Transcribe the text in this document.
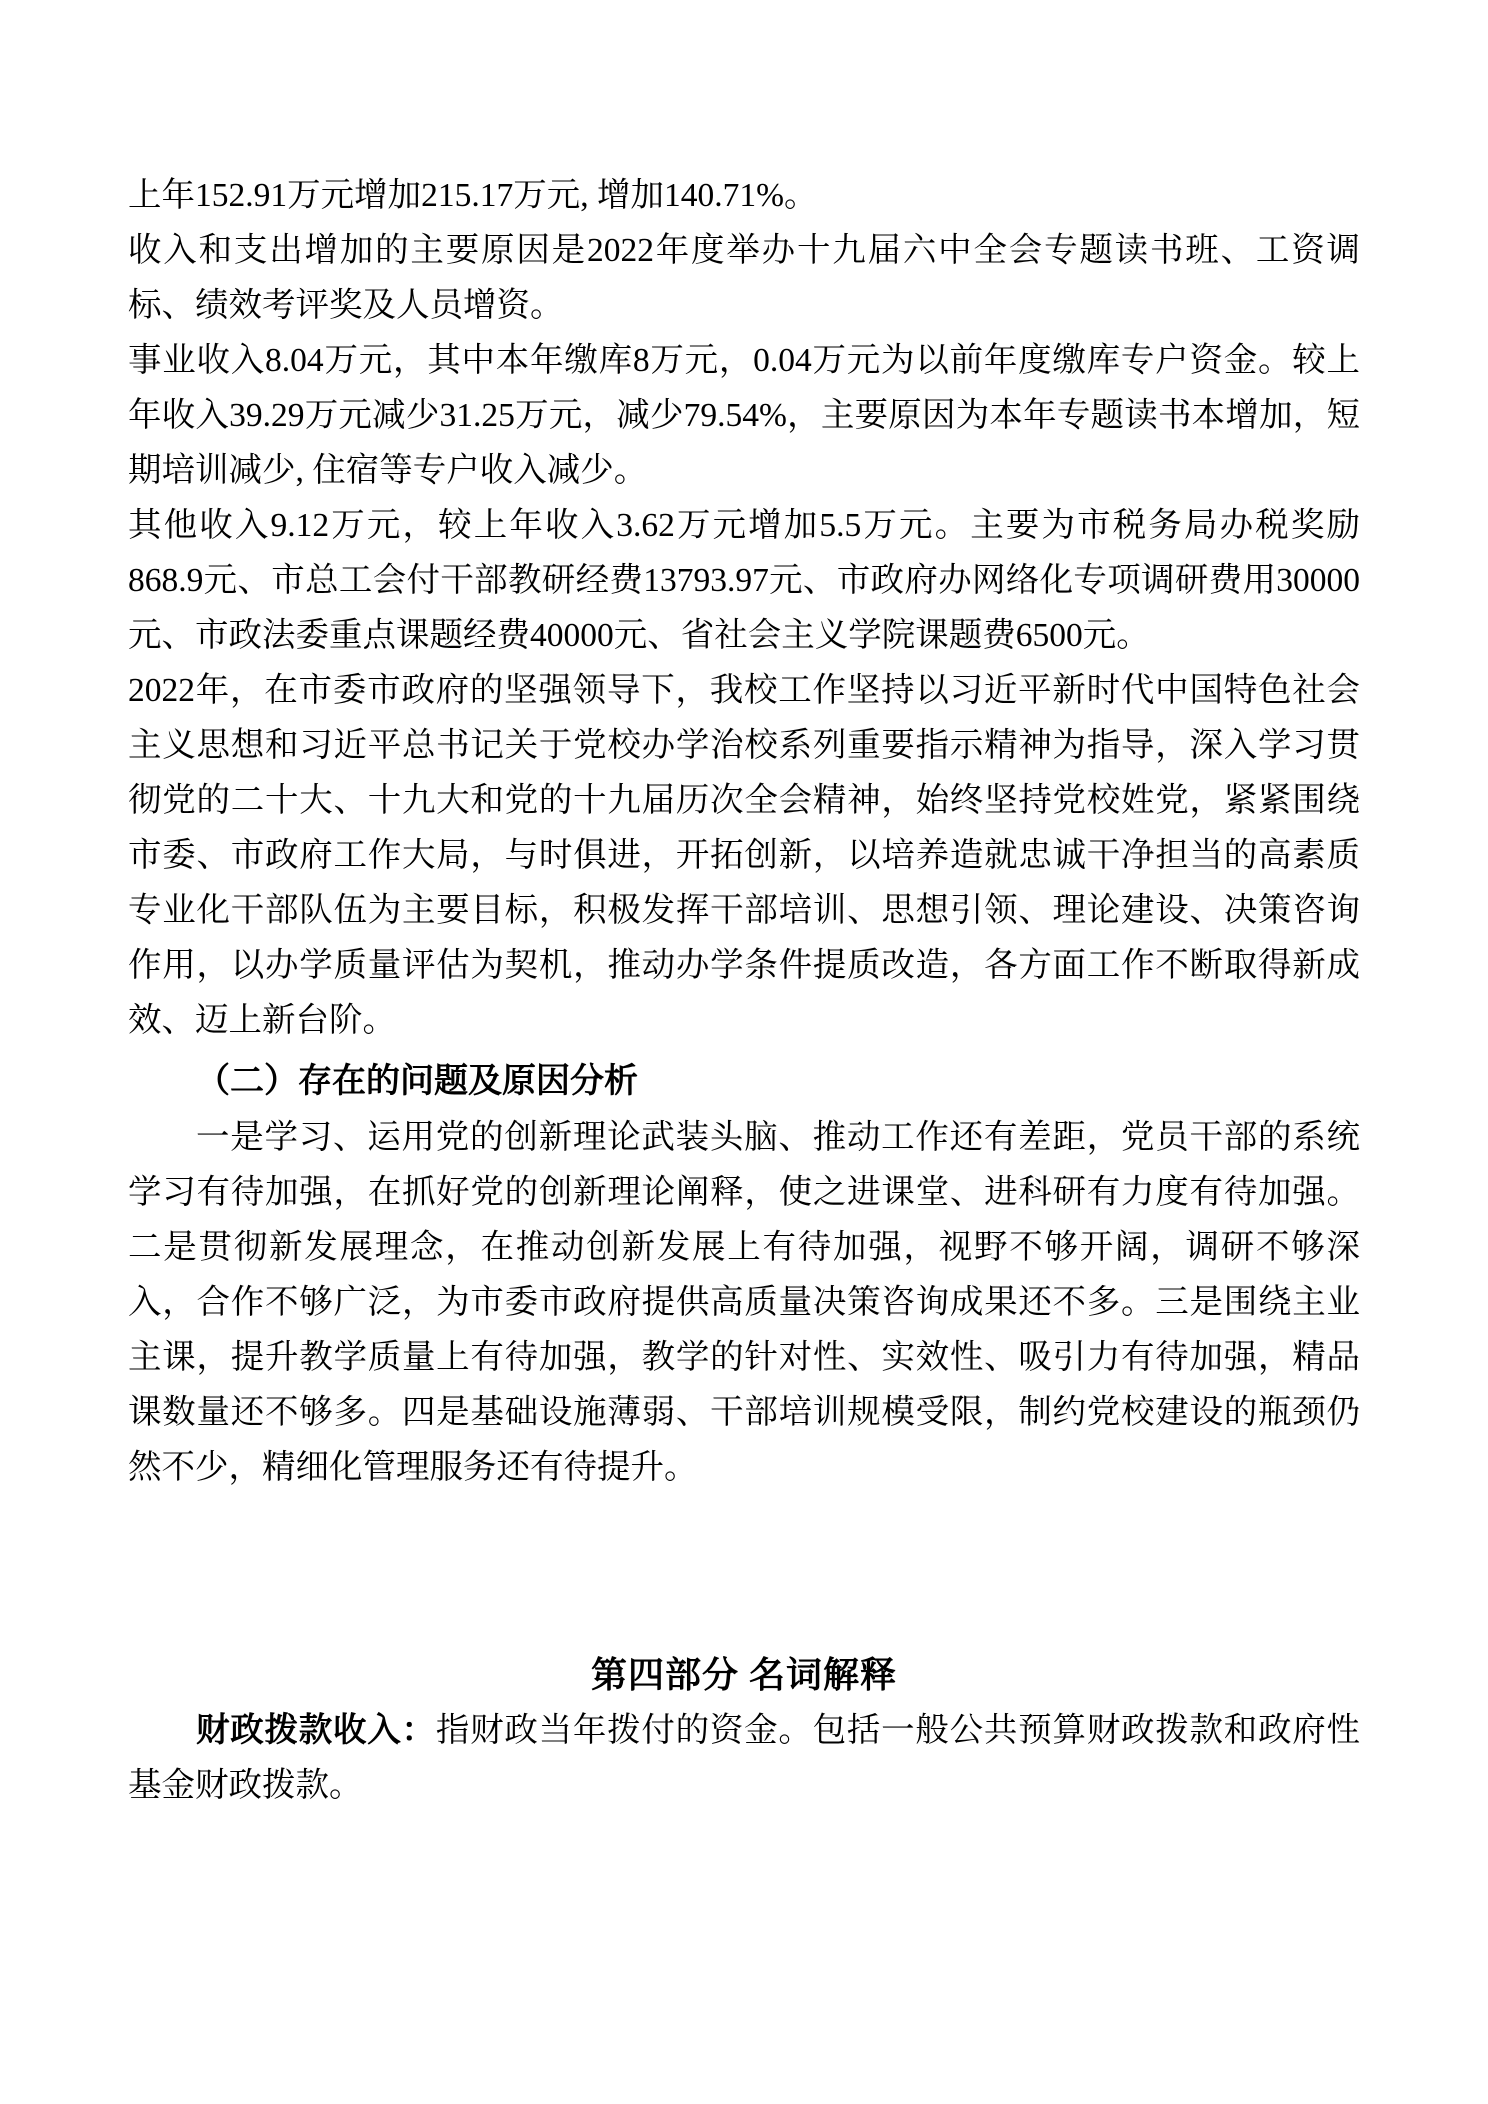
上年152.91万元增加215.17万元, 增加140.71%。

收入和支出增加的主要原因是2022年度举办十九届六中全会专题读书班、工资调标、绩效考评奖及人员增资。

事业收入8.04万元，其中本年缴库8万元，0.04万元为以前年度缴库专户资金。较上年收入39.29万元减少31.25万元，减少79.54%，主要原因为本年专题读书本增加，短期培训减少, 住宿等专户收入减少。

其他收入9.12万元，较上年收入3.62万元增加5.5万元。主要为市税务局办税奖励868.9元、市总工会付干部教研经费13793.97元、市政府办网络化专项调研费用30000元、市政法委重点课题经费40000元、省社会主义学院课题费6500元。

2022年，在市委市政府的坚强领导下，我校工作坚持以习近平新时代中国特色社会主义思想和习近平总书记关于党校办学治校系列重要指示精神为指导，深入学习贯彻党的二十大、十九大和党的十九届历次全会精神，始终坚持党校姓党，紧紧围绕市委、市政府工作大局，与时俱进，开拓创新，以培养造就忠诚干净担当的高素质专业化干部队伍为主要目标，积极发挥干部培训、思想引领、理论建设、决策咨询作用，以办学质量评估为契机，推动办学条件提质改造，各方面工作不断取得新成效、迈上新台阶。

（二）存在的问题及原因分析

一是学习、运用党的创新理论武装头脑、推动工作还有差距，党员干部的系统学习有待加强，在抓好党的创新理论阐释，使之进课堂、进科研有力度有待加强。二是贯彻新发展理念，在推动创新发展上有待加强，视野不够开阔，调研不够深入，合作不够广泛，为市委市政府提供高质量决策咨询成果还不多。三是围绕主业主课，提升教学质量上有待加强，教学的针对性、实效性、吸引力有待加强，精品课数量还不够多。四是基础设施薄弱、干部培训规模受限，制约党校建设的瓶颈仍然不少，精细化管理服务还有待提升。

第四部分 名词解释

财政拨款收入：指财政当年拨付的资金。包括一般公共预算财政拨款和政府性基金财政拨款。
